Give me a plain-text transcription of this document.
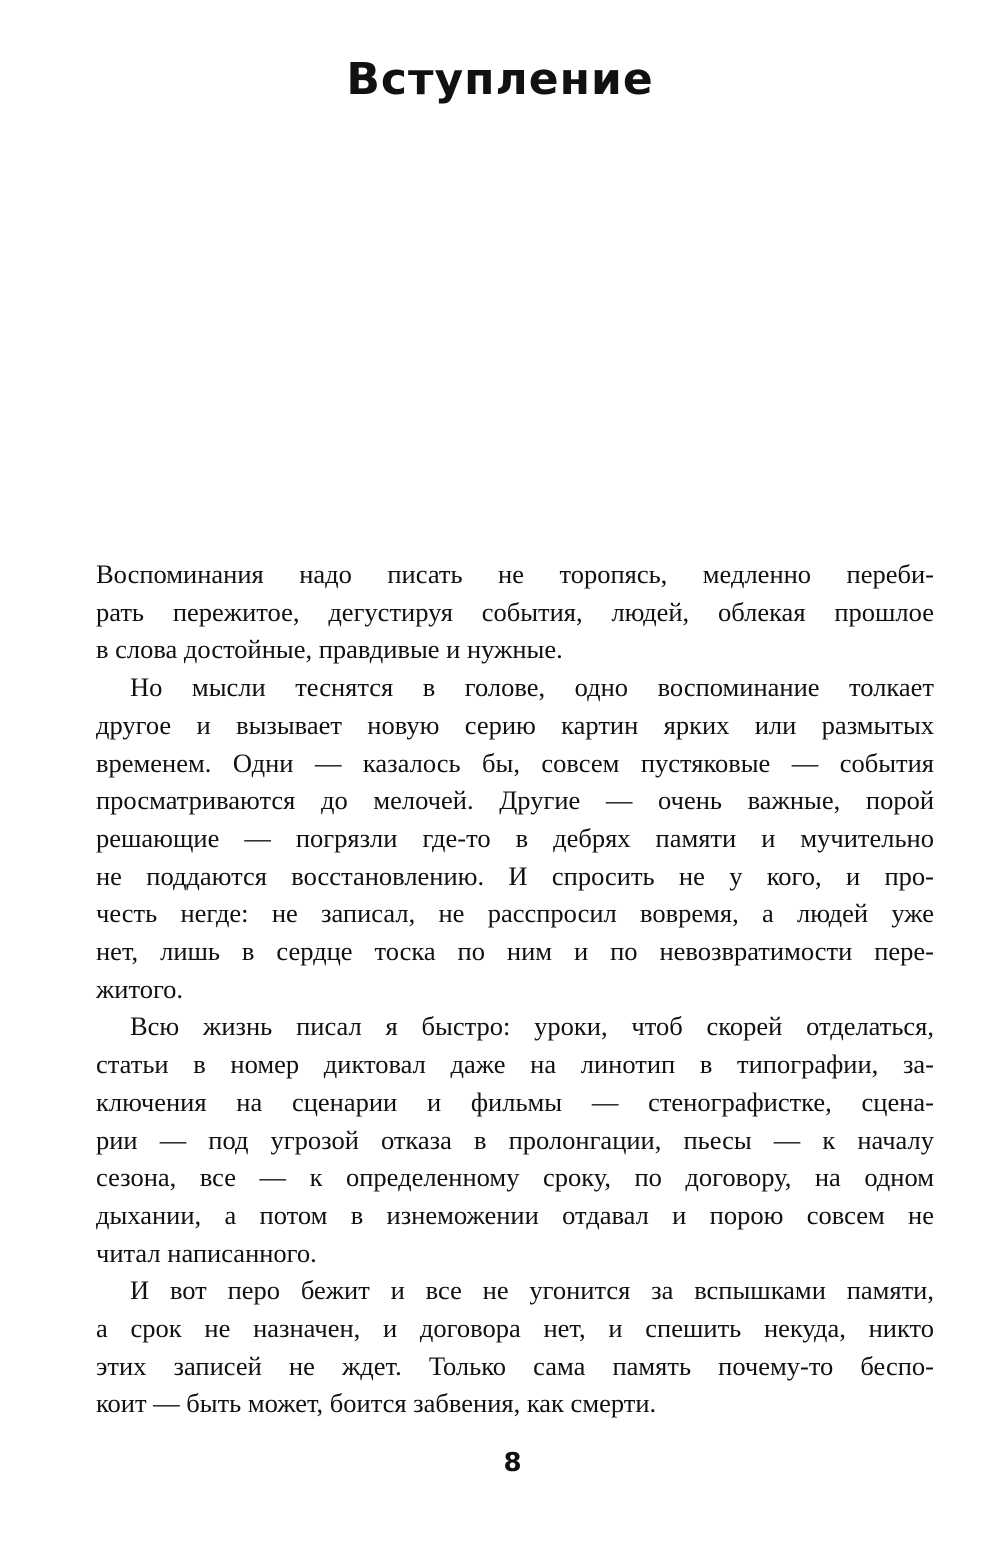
Вступление

Воспоминания надо писать не торопясь, медленно переби-
рать пережитое, дегустируя события, людей, облекая прошлое
в слова достойные, правдивые и нужные.

Но мысли теснятся в голове, одно воспоминание толкает
другое и вызывает новую серию картин ярких или размытых
временем. Одни — казалось бы, совсем пустяковые — события
просматриваются до мелочей. Другие — очень важные, порой
решающие — погрязли где-то в дебрях памяти и мучительно
не поддаются восстановлению. И спросить не у кого, и про-
честь негде: не записал, не расспросил вовремя, а людей уже
нет, лишь в сердце тоска по ним и по невозвратимости пере-
житого.

Всю жизнь писал я быстро: уроки, чтоб скорей отделаться,
статьи в номер диктовал даже на линотип в типографии, за-
ключения на сценарии и фильмы — стенографистке, сцена-
рии — под угрозой отказа в пролонгации, пьесы — к началу
сезона, все — к определенному сроку, по договору, на одном
дыхании, а потом в изнеможении отдавал и порою совсем не
читал написанного.

И вот перо бежит и все не угонится за вспышками памяти,
а срок не назначен, и договора нет, и спешить некуда, никто
этих записей не ждет. Только сама память почему-то беспо-
коит — быть может, боится забвения, как смерти.

8
